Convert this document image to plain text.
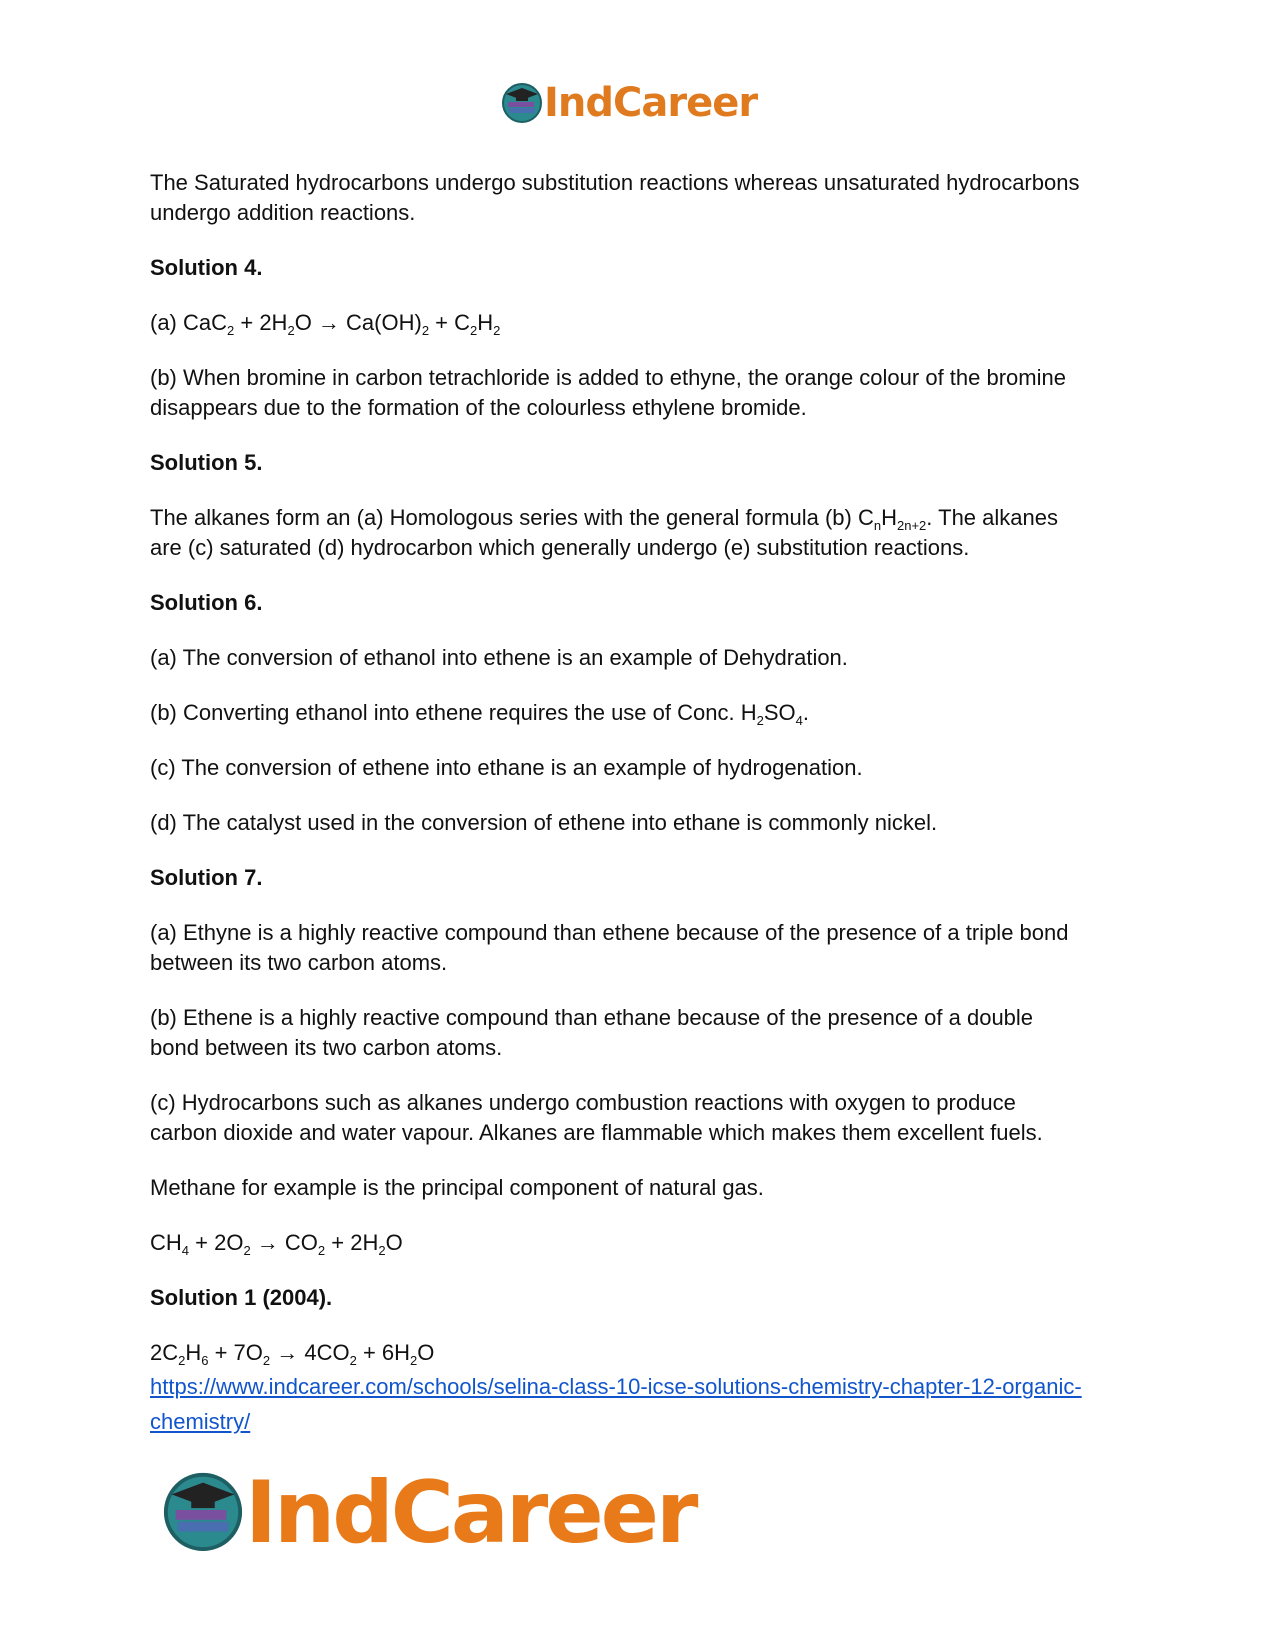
IndCareer
The Saturated hydrocarbons undergo substitution reactions whereas unsaturated hydrocarbons
undergo addition reactions.
Solution 4.
(a) $CaC_2 + 2H_2O \to Ca(OH)_2 + C_2H_2$
(b) When bromine in carbon tetrachloride is added to ethyne, the orange colour of the bromine
disappears due to the formation of the colourless ethylene bromide.
Solution 5.
The alkanes form an (a) Homologous series with the general formula (b) $C_nH_{2n+2}$. The alkanes
are (c) saturated (d) hydrocarbon which generally undergo (e) substitution reactions.
Solution 6.
(a) The conversion of ethanol into ethene is an example of Dehydration.
(b) Converting ethanol into ethene requires the use of Conc. $H_2SO_4$.
(c) The conversion of ethene into ethane is an example of hydrogenation.
(d) The catalyst used in the conversion of ethene into ethane is commonly nickel.
Solution 7.
(a) Ethyne is a highly reactive compound than ethene because of the presence of a triple bond
between its two carbon atoms.
(b) Ethene is a highly reactive compound than ethane because of the presence of a double
bond between its two carbon atoms.
(c) Hydrocarbons such as alkanes undergo combustion reactions with oxygen to produce
carbon dioxide and water vapour. Alkanes are flammable which makes them excellent fuels.
Methane for example is the principal component of natural gas.
$CH_4 + 2O_2 \to CO_2 + 2H_2O$
Solution 1 (2004).
$2C_2H_6 + 7O_2 \to 4CO_2 + 6H_2O$
https://www.indcareer.com/schools/selina-class-10-icse-solutions-chemistry-chapter-12-organic-
chemistry/
IndCareer
